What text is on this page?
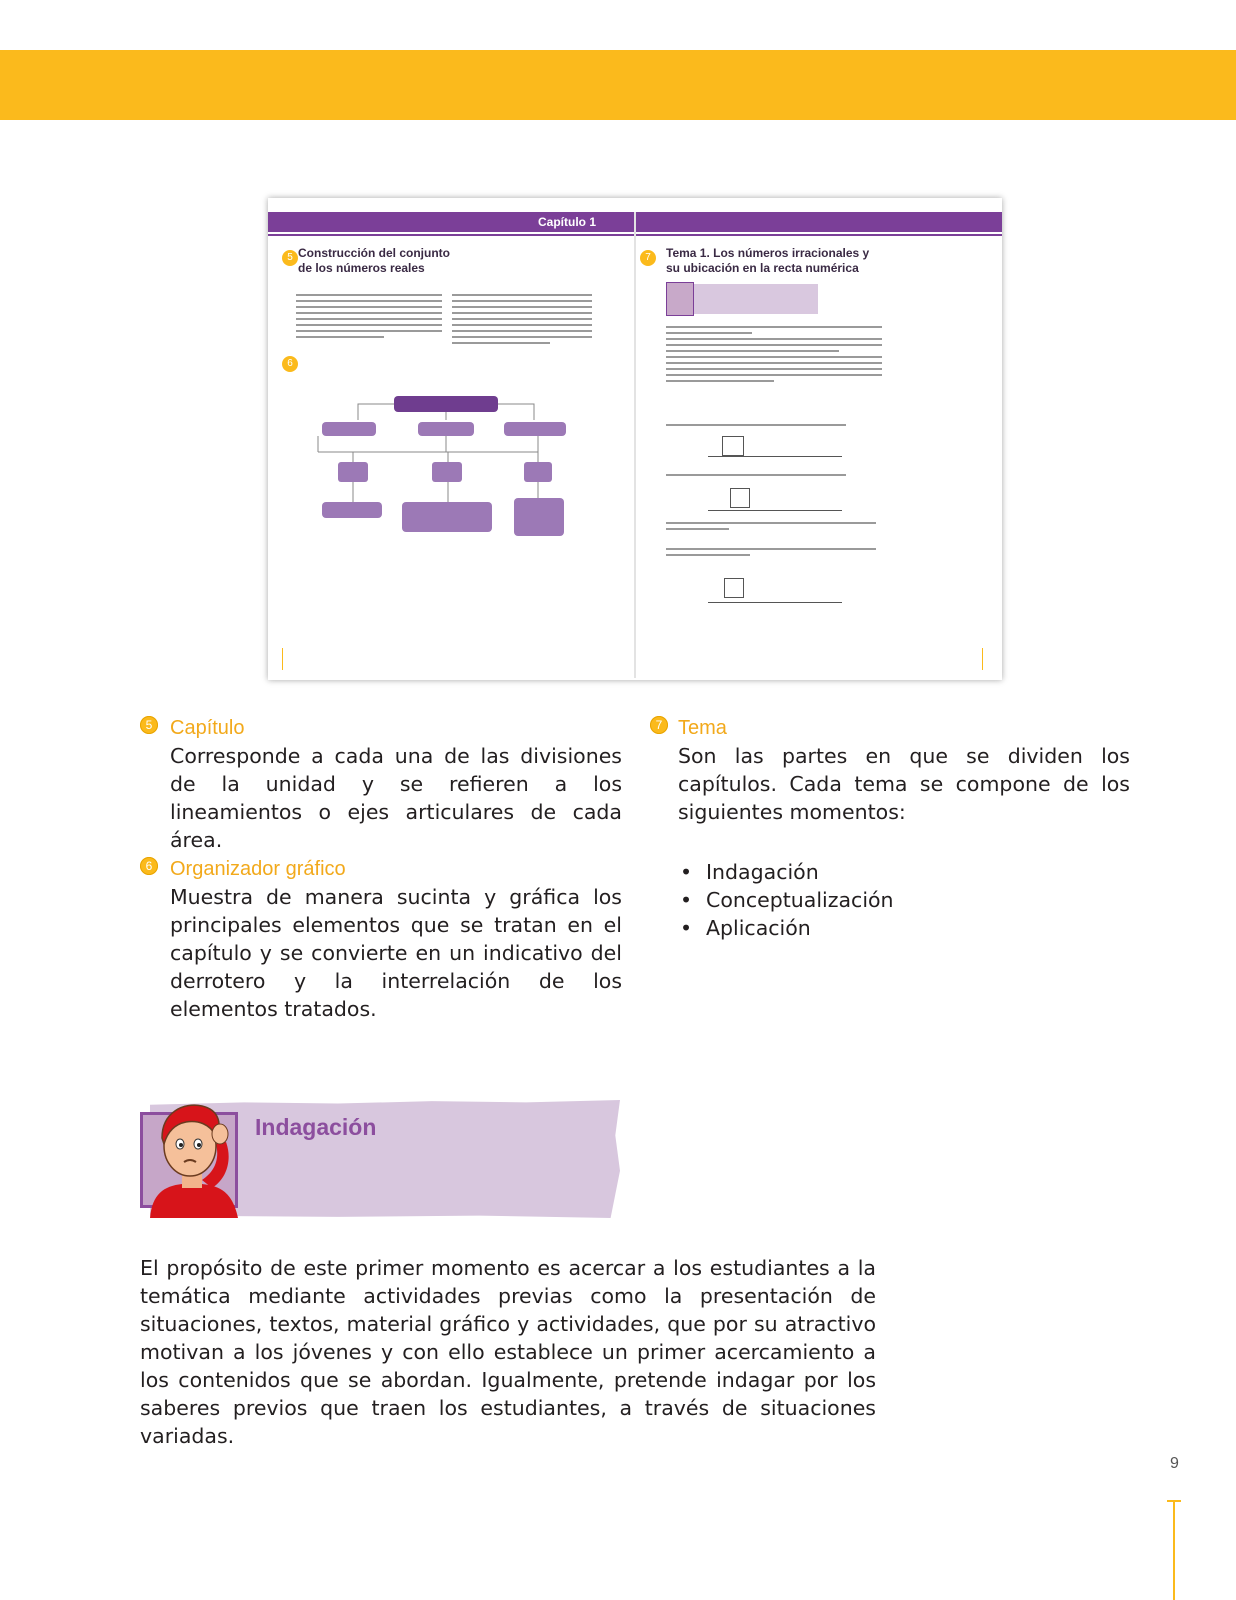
Capítulo 1
5 Construcción del conjunto
de los números reales
6
7	Tema 1. Los números irracionales y
su ubicación en la recta numérica
5 Capítulo

Corresponde a cada una de las divisiones de la unidad y se refieren a los lineamientos o ejes articulares de cada área.

6 Organizador gráfico

Muestra de manera sucinta y gráfica los principales elementos que se tratan en el capítulo y se convierte en un indicativo del derrotero y la interrelación de los elementos tratados.

7 Tema

Son las partes en que se dividen los capítulos. Cada tema se compone de los siguientes momentos:

• Indagación
• Conceptualización
• Aplicación
Indagación

El propósito de este primer momento es acercar a los estudiantes a la temática mediante actividades previas como la presentación de situaciones, textos, material gráfico y actividades, que por su atractivo motivan a los jóvenes y con ello establece un primer acercamiento a los contenidos que se abordan. Igualmente, pretende indagar por los saberes previos que traen los estudiantes, a través de situaciones variadas.

9
